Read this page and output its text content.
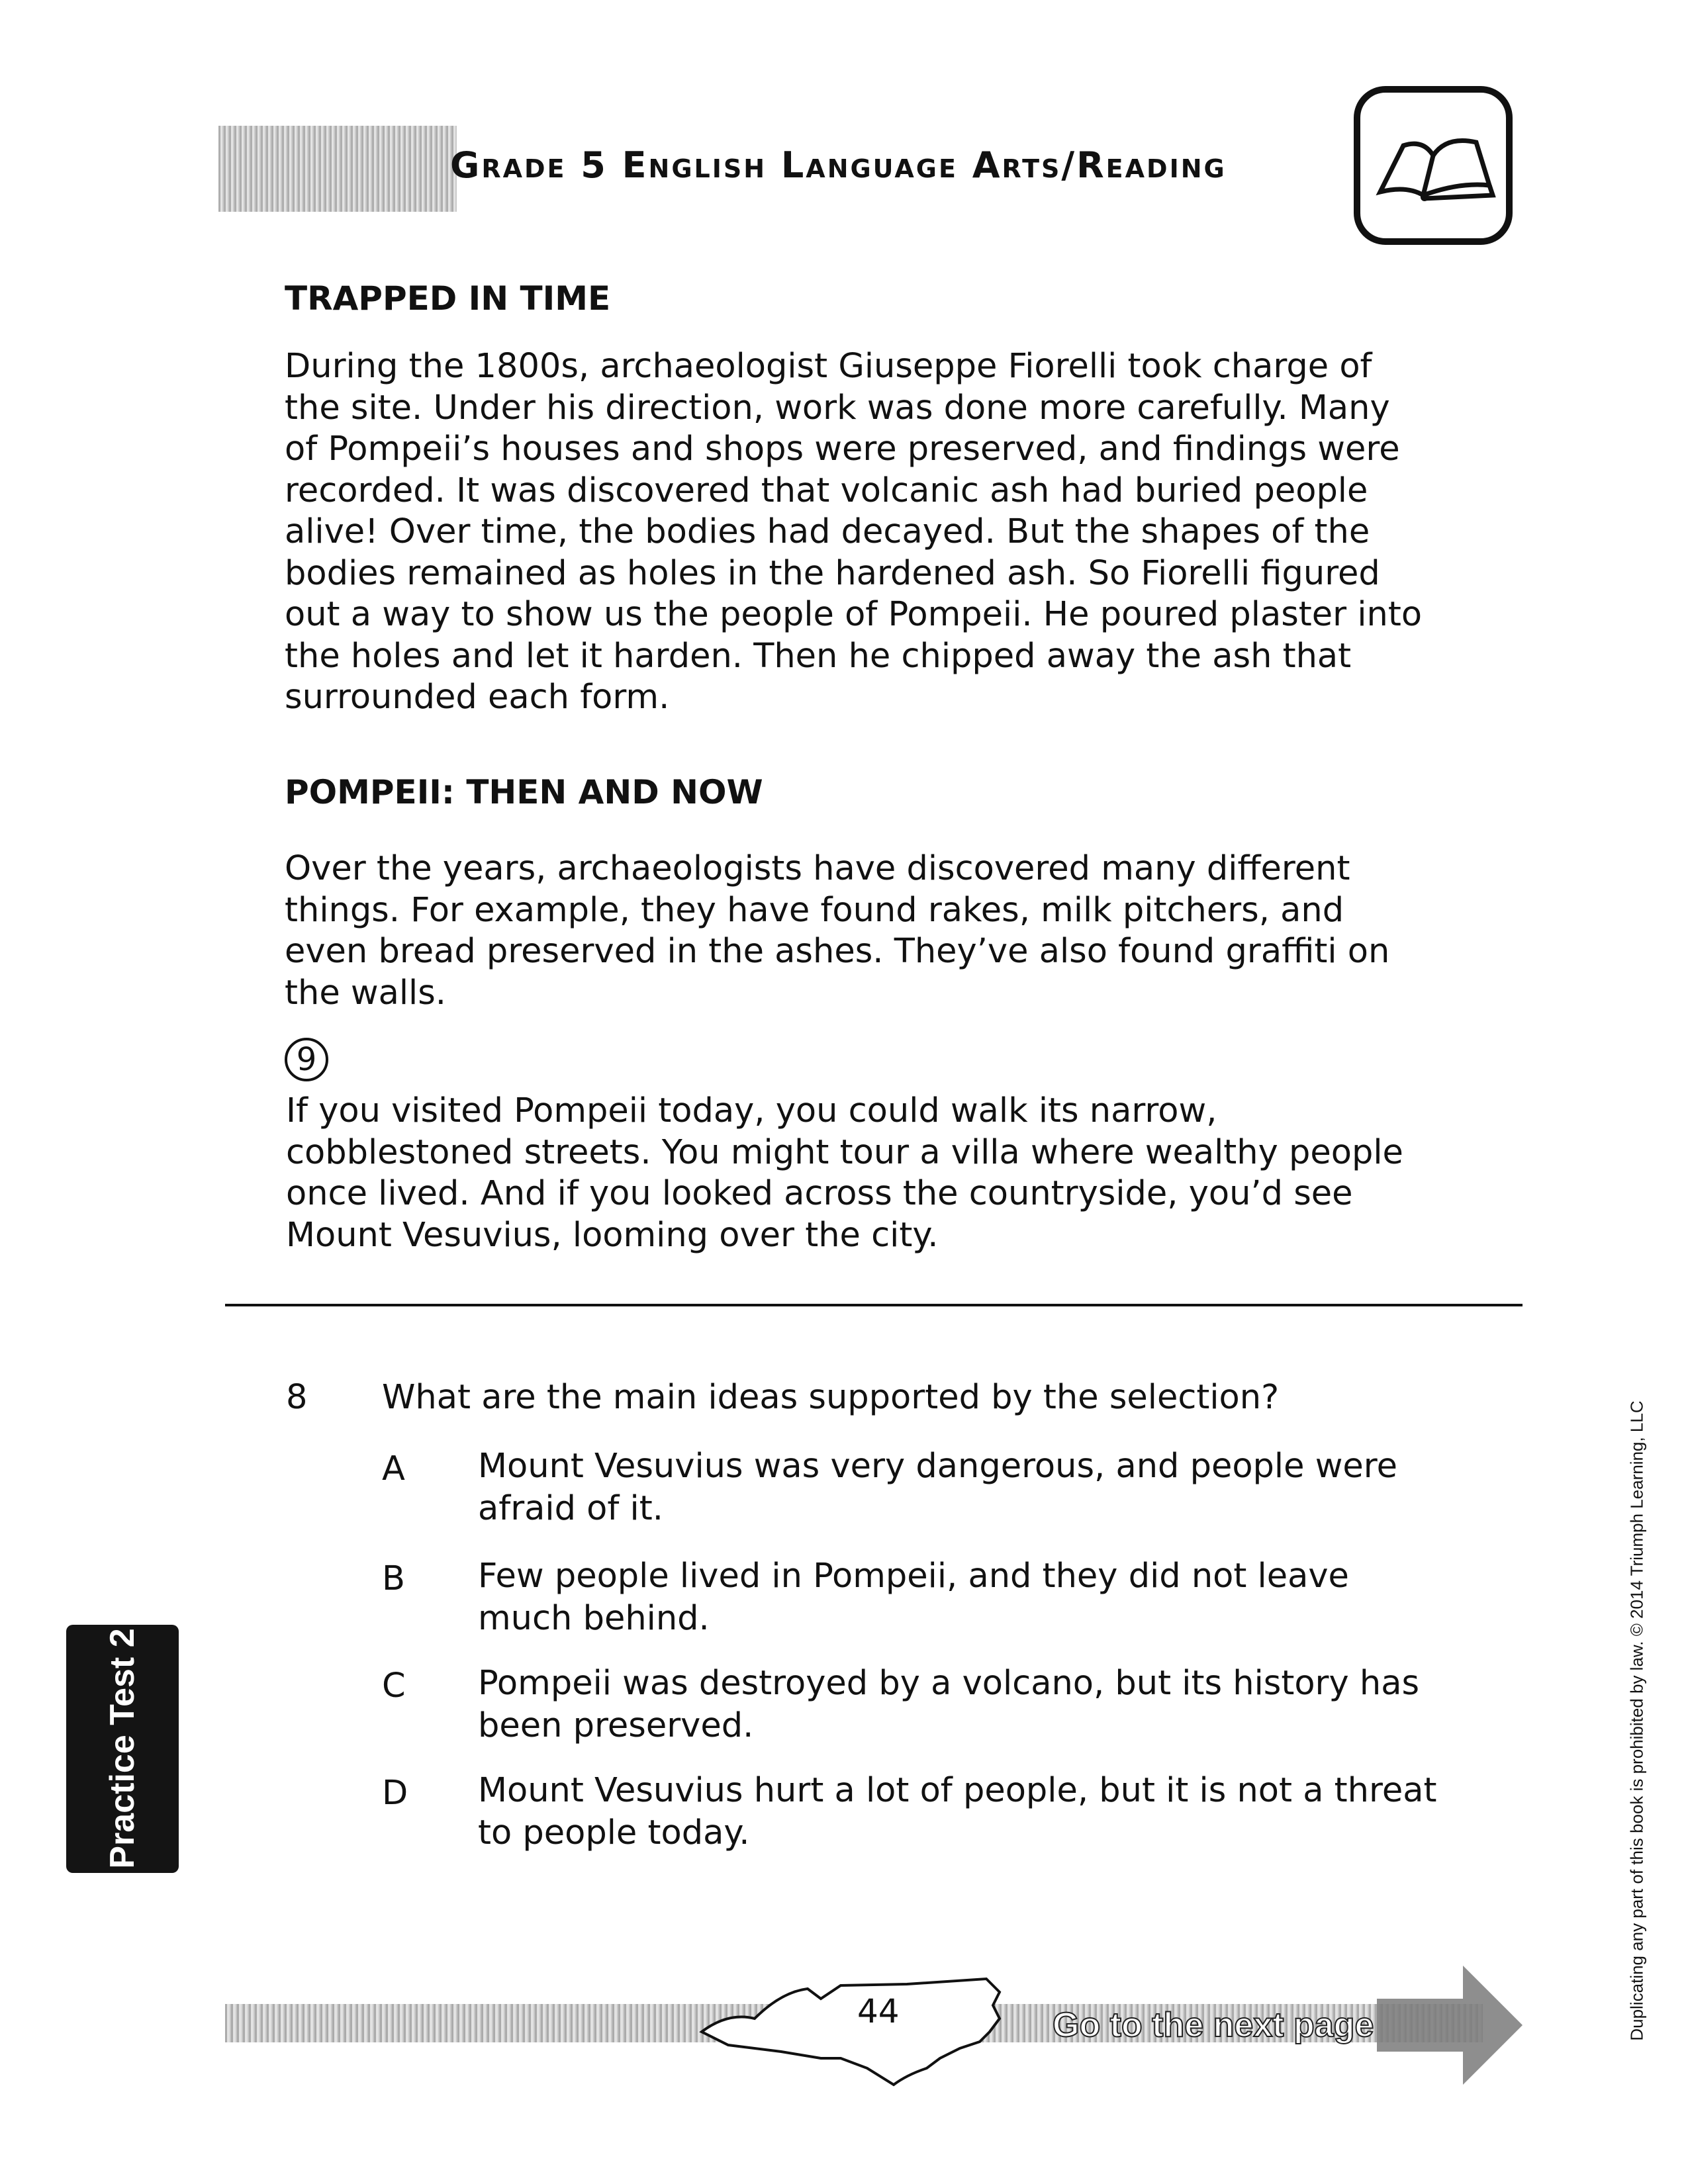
Grade 5 English Language Arts/Reading
TRAPPED IN TIME
During the 1800s, archaeologist Giuseppe Fiorelli took charge of
the site. Under his direction, work was done more carefully. Many
of Pompeii’s houses and shops were preserved, and findings were
recorded. It was discovered that volcanic ash had buried people
alive! Over time, the bodies had decayed. But the shapes of the
bodies remained as holes in the hardened ash. So Fiorelli figured
out a way to show us the people of Pompeii. He poured plaster into
the holes and let it harden. Then he chipped away the ash that
surrounded each form.
POMPEII: THEN AND NOW
Over the years, archaeologists have discovered many different
things. For example, they have found rakes, milk pitchers, and
even bread preserved in the ashes. They’ve also found graffiti on
the walls.
9
If you visited Pompeii today, you could walk its narrow,
cobblestoned streets. You might tour a villa where wealthy people
once lived. And if you looked across the countryside, you’d see
Mount Vesuvius, looming over the city.
8 What are the main ideas supported by the selection?
A Mount Vesuvius was very dangerous, and people were
afraid of it.
B Few people lived in Pompeii, and they did not leave
much behind.
C Pompeii was destroyed by a volcano, but its history has
been preserved.
D Mount Vesuvius hurt a lot of people, but it is not a threat
to people today.
Practice Test 2	Duplicating any part of this book is prohibited by law. © 2014 Triumph Learning, LLC
44	Go to the next page
